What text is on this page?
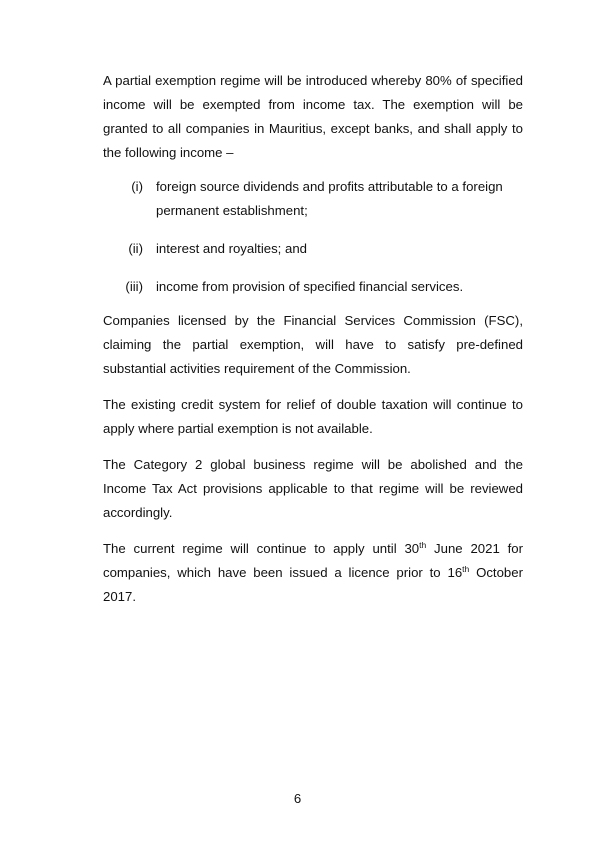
A partial exemption regime will be introduced whereby 80% of specified income will be exempted from income tax. The exemption will be granted to all companies in Mauritius, except banks, and shall apply to the following income –

(i) foreign source dividends and profits attributable to a foreign permanent establishment;
(ii) interest and royalties; and
(iii) income from provision of specified financial services.

Companies licensed by the Financial Services Commission (FSC), claiming the partial exemption, will have to satisfy pre-defined substantial activities requirement of the Commission.

The existing credit system for relief of double taxation will continue to apply where partial exemption is not available.

The Category 2 global business regime will be abolished and the Income Tax Act provisions applicable to that regime will be reviewed accordingly.

The current regime will continue to apply until 30th June 2021 for companies, which have been issued a licence prior to 16th October 2017.

6
